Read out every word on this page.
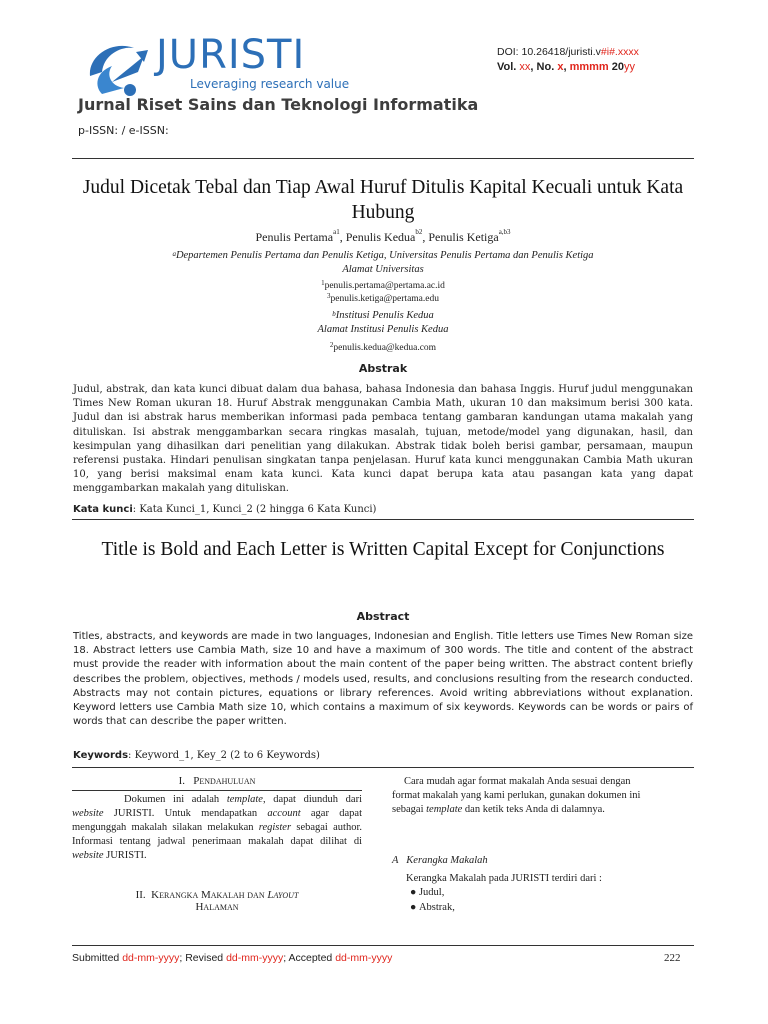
JURISTI
Leveraging research value
Jurnal Riset Sains dan Teknologi Informatika
p-ISSN: / e-ISSN:
DOI: 10.26418/juristi.v#i#.xxxx
Vol. xx, No. x, mmmm 20yy
Judul Dicetak Tebal dan Tiap Awal Huruf Ditulis Kapital Kecuali untuk Kata Hubung
Penulis Pertama$^{a1}$, Penulis Kedua$^{b2}$, Penulis Ketiga$^{a,b3}$
$^a$Departemen Penulis Pertama dan Penulis Ketiga, Universitas Penulis Pertama dan Penulis Ketiga
Alamat Universitas
$^1$penulis.pertama@pertama.ac.id
$^3$penulis.ketiga@pertama.edu
$^b$Institusi Penulis Kedua
Alamat Institusi Penulis Kedua
$^2$penulis.kedua@kedua.com
Abstrak
Judul, abstrak, dan kata kunci dibuat dalam dua bahasa, bahasa Indonesia dan bahasa Inggis. Huruf judul menggunakan Times New Roman ukuran 18. Huruf Abstrak menggunakan Cambia Math, ukuran 10 dan maksimum berisi 300 kata. Judul dan isi abstrak harus memberikan informasi pada pembaca tentang gambaran kandungan utama makalah yang dituliskan. Isi abstrak menggambarkan secara ringkas masalah, tujuan, metode/model yang digunakan, hasil, dan kesimpulan yang dihasilkan dari penelitian yang dilakukan. Abstrak tidak boleh berisi gambar, persamaan, maupun referensi pustaka. Hindari penulisan singkatan tanpa penjelasan. Huruf kata kunci menggunakan Cambia Math ukuran 10, yang berisi maksimal enam kata kunci. Kata kunci dapat berupa kata atau pasangan kata yang dapat menggambarkan makalah yang dituliskan.
Kata kunci: Kata Kunci_1, Kunci_2 (2 hingga 6 Kata Kunci)
Title is Bold and Each Letter is Written Capital Except for Conjunctions
Abstract
Titles, abstracts, and keywords are made in two languages, Indonesian and English. Title letters use Times New Roman size 18. Abstract letters use Cambia Math, size 10 and have a maximum of 300 words. The title and content of the abstract must provide the reader with information about the main content of the paper being written. The abstract content briefly describes the problem, objectives, methods / models used, results, and conclusions resulting from the research conducted. Abstracts may not contain pictures, equations or library references. Avoid writing abbreviations without explanation. Keyword letters use Cambia Math size 10, which contains a maximum of six keywords. Keywords can be words or pairs of words that can describe the paper written.
Keywords: Keyword_1, Key_2 (2 to 6 Keywords)
I. Pendahuluan
Dokumen ini adalah template, dapat diunduh dari website JURISTI. Untuk mendapatkan account agar dapat mengunggah makalah silakan melakukan register sebagai author. Informasi tentang jadwal penerimaan makalah dapat dilihat di website JURISTI.
II. Kerangka Makalah dan Layout
Halaman
Cara mudah agar format makalah Anda sesuai dengan format makalah yang kami perlukan, gunakan dokumen ini sebagai template dan ketik teks Anda di dalamnya.
A Kerangka Makalah
Kerangka Makalah pada JURISTI terdiri dari :
● Judul,
● Abstrak,
Submitted dd-mm-yyyy; Revised dd-mm-yyyy; Accepted dd-mm-yyyy	222
